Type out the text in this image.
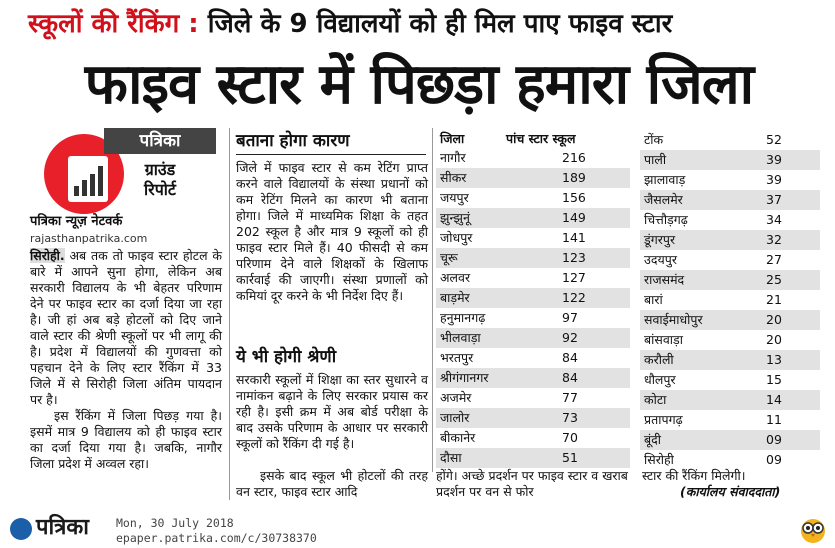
स्कूलों की रैंकिंग : जिले के 9 विद्यालयों को ही मिल पाए फाइव स्टार
फाइव स्टार में पिछड़ा हमारा जिला
पत्रिका
ग्राउंड
रिपोर्ट
पत्रिका न्यूज़ नेटवर्क
rajasthanpatrika.com

सिरोही. अब तक तो फाइव स्टार होटल के बारे में आपने सुना होगा, लेकिन अब सरकारी विद्यालय के भी बेहतर परिणाम देने पर फाइव स्टार का दर्जा दिया जा रहा है। जी हां अब बड़े होटलों को दिए जाने वाले स्टार की श्रेणी स्कूलों पर भी लागू की है। प्रदेश में विद्यालयों की गुणवत्ता को पहचान देने के लिए स्टार रैंकिंग में 33 जिले में से सिरोही जिला अंतिम पायदान पर है।

इस रैंकिंग में जिला पिछड़ गया है। इसमें मात्र 9 विद्यालय को ही फाइव स्टार का दर्जा दिया गया है। जबकि, नागौर जिला प्रदेश में अव्वल रहा।

बताना होगा कारण
जिले में फाइव स्टार से कम रेटिंग प्राप्त करने वाले विद्यालयों के संस्था प्रधानों को कम रेटिंग मिलने का कारण भी बताना होगा। जिले में माध्यमिक शिक्षा के तहत 202 स्कूल है और मात्र 9 स्कूलों को ही फाइव स्टार मिले हैं। 40 फीसदी से कम परिणाम देने वाले शिक्षकों के खिलाफ कार्रवाई की जाएगी। संस्था प्रणालों को कमियां दूर करने के भी निर्देश दिए हैं।
ये भी होगी श्रेणी
सरकारी स्कूलों में शिक्षा का स्तर सुधारने व नामांकन बढ़ाने के लिए सरकार प्रयास कर रही है। इसी क्रम में अब बोर्ड परीक्षा के बाद उसके परिणाम के आधार पर सरकारी स्कूलों को रैंकिंग दी गई है।
इसके बाद स्कूल भी होटलों की तरह वन स्टार, फाइव स्टार आदि
जिला	पांच स्टार स्कूल
नागौर	216
सीकर	189
जयपुर	156
झुन्झुनूं	149
जोधपुर	141
चूरू	123
अलवर	127
बाड़मेर	122
हनुमानगढ़	97
भीलवाड़ा	92
भरतपुर	84
श्रीगंगानगर	84
अजमेर	77
जालोर	73
बीकानेर	70
दौसा	51
टोंक	52
पाली	39
झालावाड़	39
जैसलमेर	37
चित्तौड़गढ़	34
डूंगरपुर	32
उदयपुर	27
राजसमंद	25
बारां	21
सवाईमाधोपुर	20
बांसवाड़ा	20
करौली	13
धौलपुर	15
कोटा	14
प्रतापगढ़	11
बूंदी	09
सिरोही	09
होंगे। अच्छे प्रदर्शन पर फाइव स्टार व खराब प्रदर्शन पर वन से फोर
स्टार की रैंकिंग मिलेगी।
(कार्यालय संवाददाता)
पत्रिका Mon, 30 July 2018
epaper.patrika.com/c/30738370
